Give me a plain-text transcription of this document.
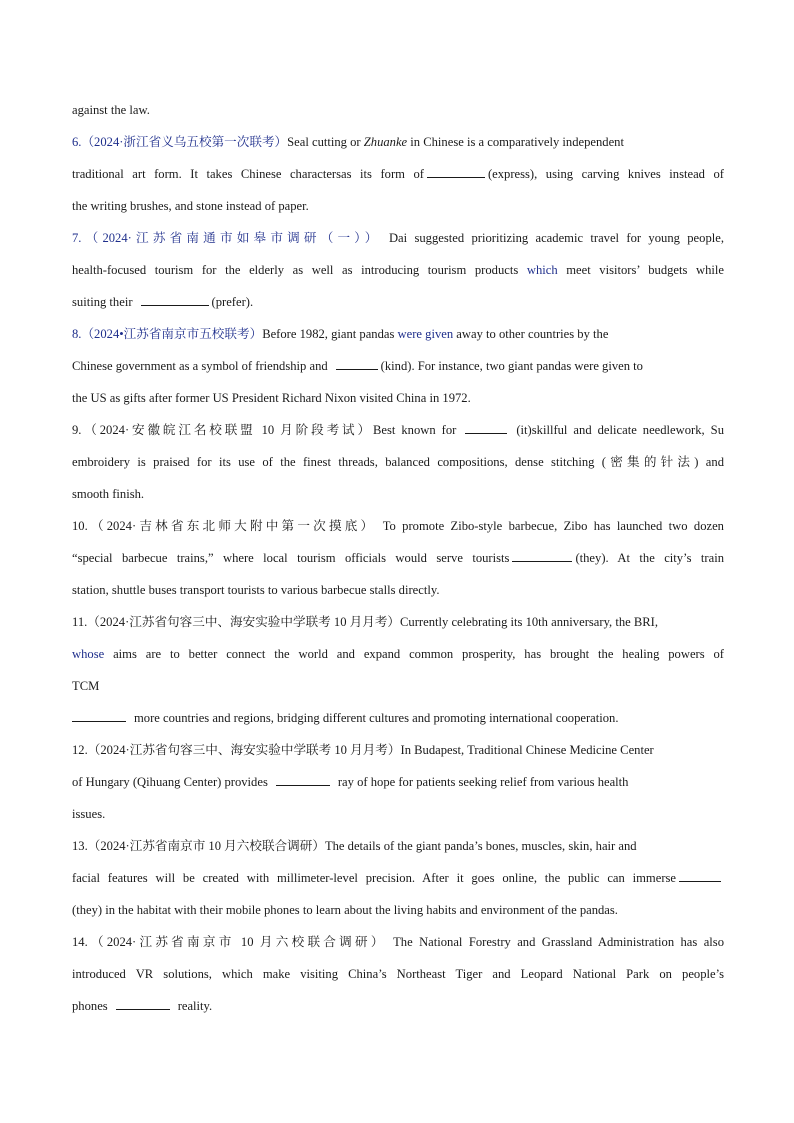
against the law.
6.（2024·浙江省义乌五校第一次联考）Seal cutting or Zhuanke in Chinese is a comparatively independent
traditional art form. It takes Chinese charactersas its form of	(express), using carving knives instead of
the writing brushes, and stone instead of paper.
7.（2024·江苏省南通市如皋市调研（一）） Dai suggested prioritizing academic travel for young people,
health-focused tourism for the elderly as well as introducing tourism products which meet visitors’ budgets while
suiting their	(prefer).
8.（2024•江苏省南京市五校联考）Before 1982, giant pandas were given away to other countries by the
Chinese government as a symbol of friendship and	(kind). For instance, two giant pandas were given to
the US as gifts after former US President Richard Nixon visited China in 1972.
9.（2024·安徽皖江名校联盟 10 月阶段考试）Best known for	(it)skillful and delicate needlework, Su
embroidery is praised for its use of the finest threads, balanced compositions, dense stitching (密集的针法) and
smooth finish.
10.（2024·吉林省东北师大附中第一次摸底） To promote Zibo-style barbecue, Zibo has launched two dozen
“special barbecue trains,” where local tourism officials would serve tourists	(they). At the city’s train
station, shuttle buses transport tourists to various barbecue stalls directly.
11.（2024·江苏省句容三中、海安实验中学联考 10 月月考）Currently celebrating its 10th anniversary, the BRI,
whose aims are to better connect the world and expand common prosperity, has brought the healing powers of
TCM
more countries and regions, bridging different cultures and promoting international cooperation.
12.（2024·江苏省句容三中、海安实验中学联考 10 月月考）In Budapest, Traditional Chinese Medicine Center
of Hungary (Qihuang Center) provides	ray of hope for patients seeking relief from various health
issues.
13.（2024·江苏省南京市 10 月六校联合调研）The details of the giant panda’s bones, muscles, skin, hair and
facial features will be created with millimeter-level precision. After it goes online, the public can immerse
(they) in the habitat with their mobile phones to learn about the living habits and environment of the pandas.
14.（2024·江苏省南京市 10 月六校联合调研） The National Forestry and Grassland Administration has also
introduced VR solutions, which make visiting China’s Northeast Tiger and Leopard National Park on people’s
phones	reality.
